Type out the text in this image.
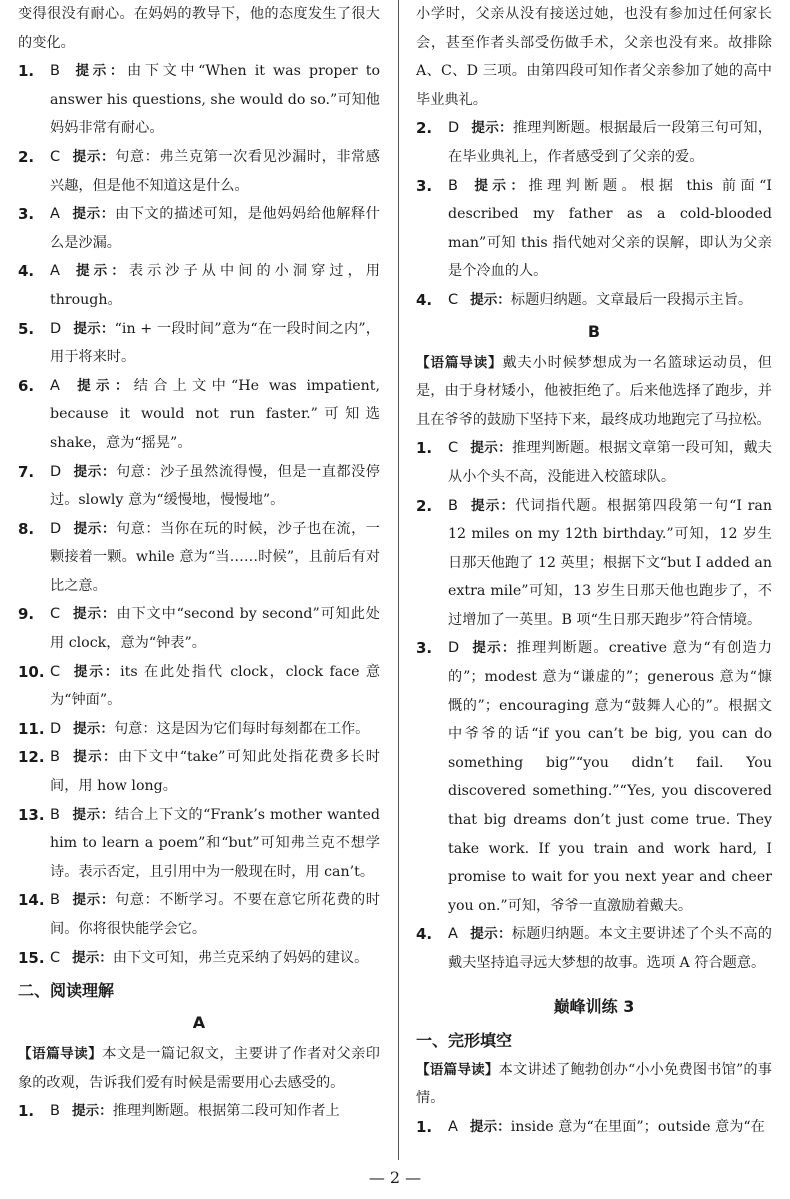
变得很没有耐心。在妈妈的教导下，他的态度发生了很大的变化。

1. B 提示：由下文中“When it was proper to answer his questions, she would do so.”可知他妈妈非常有耐心。

2. C 提示：句意：弗兰克第一次看见沙漏时，非常感兴趣，但是他不知道这是什么。

3. A 提示：由下文的描述可知，是他妈妈给他解释什么是沙漏。

4. A 提示：表示沙子从中间的小洞穿过，用 through。

5. D 提示：“in + 一段时间”意为“在一段时间之内”，用于将来时。

6. A 提示：结合上文中“He was impatient, because it would not run faster.”可知选 shake，意为“摇晃”。

7. D 提示：句意：沙子虽然流得慢，但是一直都没停过。slowly 意为“缓慢地，慢慢地”。

8. D 提示：句意：当你在玩的时候，沙子也在流，一颗接着一颗。while 意为“当……时候”，且前后有对比之意。

9. C 提示：由下文中“second by second”可知此处用 clock，意为“钟表”。

10. C 提示：its 在此处指代 clock，clock face 意为“钟面”。

11. D 提示：句意：这是因为它们每时每刻都在工作。

12. B 提示：由下文中“take”可知此处指花费多长时间，用 how long。

13. B 提示：结合上下文的“Frank’s mother wanted him to learn a poem”和“but”可知弗兰克不想学诗。表示否定，且引用中为一般现在时，用 can’t。

14. B 提示：句意：不断学习。不要在意它所花费的时间。你将很快能学会它。

15. C 提示：由下文可知，弗兰克采纳了妈妈的建议。

二、阅读理解
A

【语篇导读】本文是一篇记叙文，主要讲了作者对父亲印象的改观，告诉我们爱有时候是需要用心去感受的。

1. B 提示：推理判断题。根据第二段可知作者上

小学时，父亲从没有接送过她，也没有参加过任何家长会，甚至作者头部受伤做手术，父亲也没有来。故排除 A、C、D 三项。由第四段可知作者父亲参加了她的高中毕业典礼。

2. D 提示：推理判断题。根据最后一段第三句可知，在毕业典礼上，作者感受到了父亲的爱。

3. B 提示：推理判断题。根据 this 前面“I described my father as a cold-blooded man”可知 this 指代她对父亲的误解，即认为父亲是个冷血的人。

4. C 提示：标题归纳题。文章最后一段揭示主旨。

B

【语篇导读】戴夫小时候梦想成为一名篮球运动员，但是，由于身材矮小，他被拒绝了。后来他选择了跑步，并且在爷爷的鼓励下坚持下来，最终成功地跑完了马拉松。

1. C 提示：推理判断题。根据文章第一段可知，戴夫从小个头不高，没能进入校篮球队。

2. B 提示：代词指代题。根据第四段第一句“I ran 12 miles on my 12th birthday.”可知，12 岁生日那天他跑了 12 英里；根据下文“but I added an extra mile”可知，13 岁生日那天他也跑步了，不过增加了一英里。B 项“生日那天跑步”符合情境。

3. D 提示：推理判断题。creative 意为“有创造力的”；modest 意为“谦虚的”；generous 意为“慷慨的”；encouraging 意为“鼓舞人心的”。根据文中爷爷的话“if you can’t be big, you can do something big”“you didn’t fail. You discovered something.”“Yes, you discovered that big dreams don’t just come true. They take work. If you train and work hard, I promise to wait for you next year and cheer you on.”可知，爷爷一直激励着戴夫。

4. A 提示：标题归纳题。本文主要讲述了个头不高的戴夫坚持追寻远大梦想的故事。选项 A 符合题意。

巅峰训练 3
一、完形填空

【语篇导读】本文讲述了鲍勃创办“小小免费图书馆”的事情。

1. A 提示：inside 意为“在里面”；outside 意为“在

— 2 —
